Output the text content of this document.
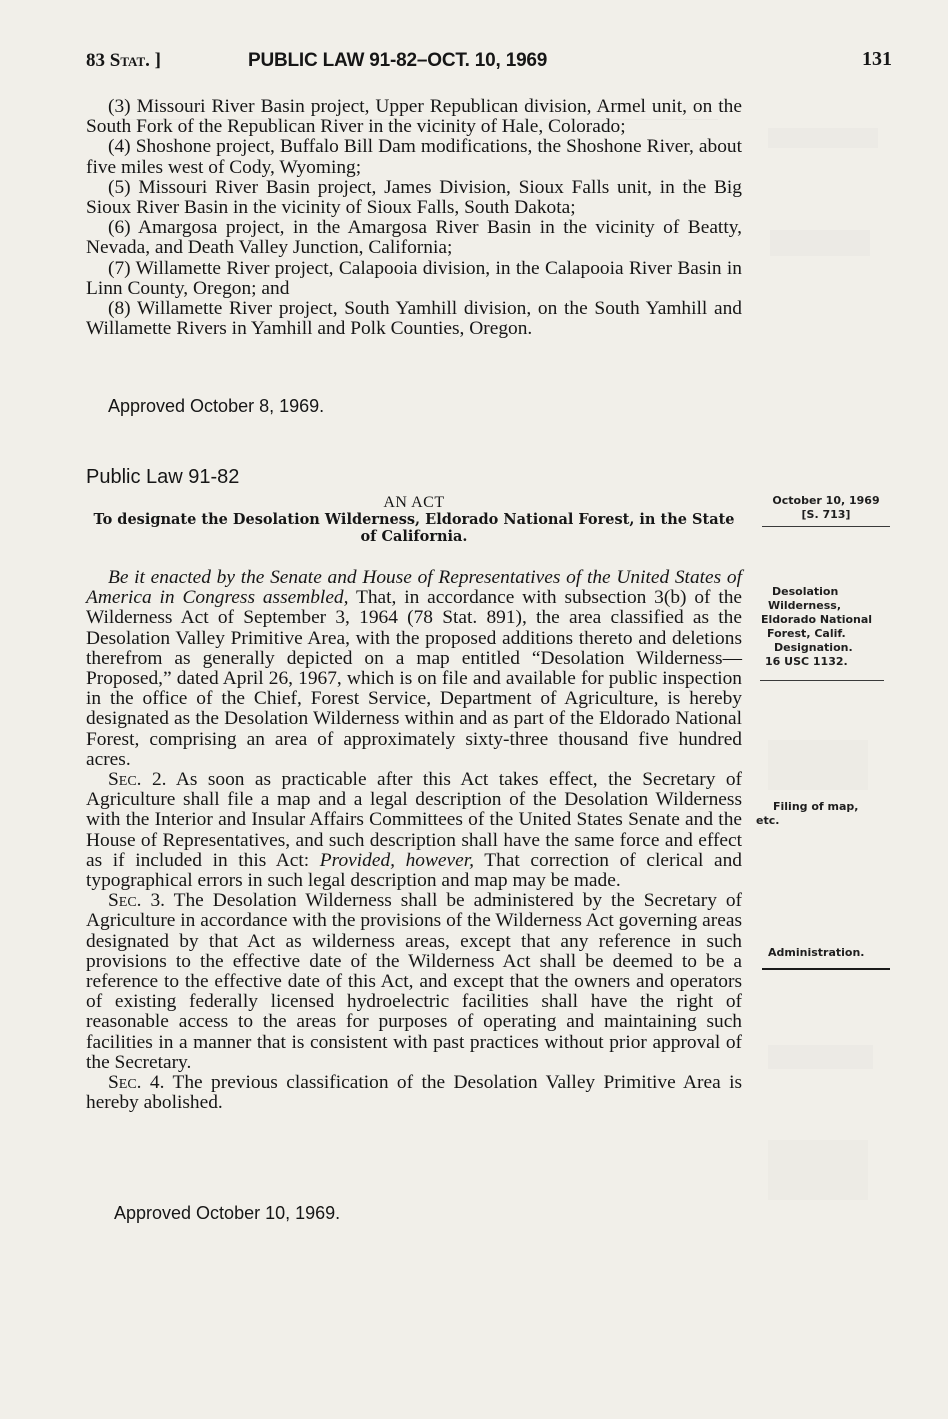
83 Stat. ]	PUBLIC LAW 91-82–OCT. 10, 1969	131

(3) Missouri River Basin project, Upper Republican division, Armel unit, on the South Fork of the Republican River in the vicinity of Hale, Colorado;

(4) Shoshone project, Buffalo Bill Dam modifications, the Shoshone River, about five miles west of Cody, Wyoming;

(5) Missouri River Basin project, James Division, Sioux Falls unit, in the Big Sioux River Basin in the vicinity of Sioux Falls, South Dakota;

(6) Amargosa project, in the Amargosa River Basin in the vicinity of Beatty, Nevada, and Death Valley Junction, California;

(7) Willamette River project, Calapooia division, in the Calapooia River Basin in Linn County, Oregon; and

(8) Willamette River project, South Yamhill division, on the South Yamhill and Willamette Rivers in Yamhill and Polk Counties, Oregon.

Approved October 8, 1969.
Public Law 91-82
AN ACT
To designate the Desolation Wilderness, Eldorado National Forest, in the State
of California.
October 10, 1969
[S. 713]
Desolation
Wilderness,
Eldorado National
Forest, Calif.
Designation.
16 USC 1132.
Filing of map,
etc.
Administration.

Be it enacted by the Senate and House of Representatives of the United States of America in Congress assembled, That, in accordance with subsection 3(b) of the Wilderness Act of September 3, 1964 (78 Stat. 891), the area classified as the Desolation Valley Primitive Area, with the proposed additions thereto and deletions therefrom as generally depicted on a map entitled “Desolation Wilderness—Proposed,” dated April 26, 1967, which is on file and available for public inspection in the office of the Chief, Forest Service, Department of Agriculture, is hereby designated as the Desolation Wilderness within and as part of the Eldorado National Forest, comprising an area of approximately sixty-three thousand five hundred acres.

Sec. 2. As soon as practicable after this Act takes effect, the Secretary of Agriculture shall file a map and a legal description of the Desolation Wilderness with the Interior and Insular Affairs Committees of the United States Senate and the House of Representatives, and such description shall have the same force and effect as if included in this Act: Provided, however, That correction of clerical and typographical errors in such legal description and map may be made.

Sec. 3. The Desolation Wilderness shall be administered by the Secretary of Agriculture in accordance with the provisions of the Wilderness Act governing areas designated by that Act as wilderness areas, except that any reference in such provisions to the effective date of the Wilderness Act shall be deemed to be a reference to the effective date of this Act, and except that the owners and operators of existing federally licensed hydroelectric facilities shall have the right of reasonable access to the areas for purposes of operating and maintaining such facilities in a manner that is consistent with past practices without prior approval of the Secretary.

Sec. 4. The previous classification of the Desolation Valley Primitive Area is hereby abolished.

Approved October 10, 1969.
